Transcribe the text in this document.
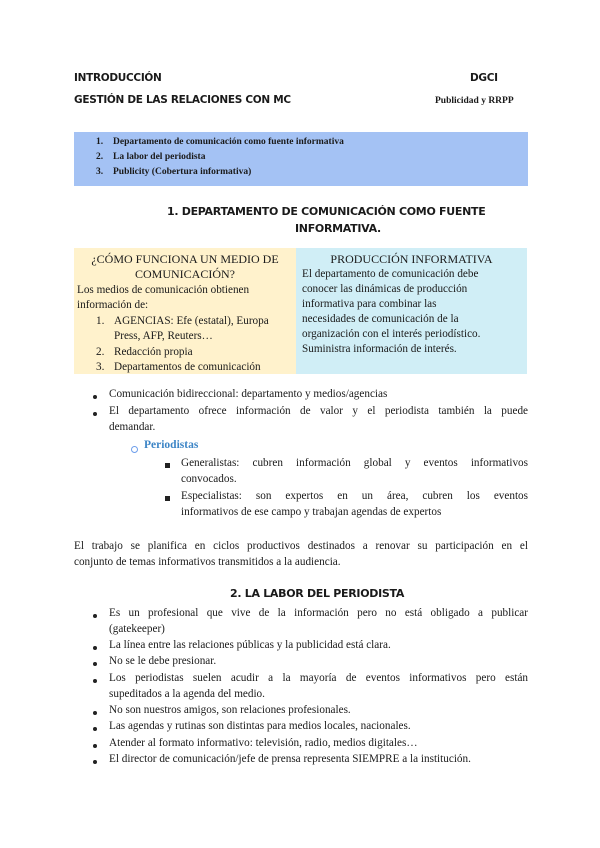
INTRODUCCIÓN
GESTIÓN DE LAS RELACIONES CON MC
DGCI
Publicidad y RRPP
1. Departamento de comunicación como fuente informativa
2. La labor del periodista
3. Publicity (Cobertura informativa)
1. DEPARTAMENTO DE COMUNICACIÓN COMO FUENTE
INFORMATIVA.
¿CÓMO FUNCIONA UN MEDIO DE
COMUNICACIÓN?
Los medios de comunicación obtienen
información de:
1. AGENCIAS: Efe (estatal), Europa
Press, AFP, Reuters…
2. Redacción propia
3. Departamentos de comunicación
PRODUCCIÓN INFORMATIVA
El departamento de comunicación debe
conocer las dinámicas de producción
informativa para combinar las
necesidades de comunicación de la
organización con el interés periodístico.
Suministra información de interés.
Comunicación bidireccional: departamento y medios/agencias
El departamento ofrece información de valor y el periodista también la puede
demandar.
Periodistas
Generalistas: cubren información global y eventos informativos
convocados.
Especialistas: son expertos en un área, cubren los eventos
informativos de ese campo y trabajan agendas de expertos
El trabajo se planifica en ciclos productivos destinados a renovar su participación en el
conjunto de temas informativos transmitidos a la audiencia.
2. LA LABOR DEL PERIODISTA
Es un profesional que vive de la información pero no está obligado a publicar
(gatekeeper)
La línea entre las relaciones públicas y la publicidad está clara.
No se le debe presionar.
Los periodistas suelen acudir a la mayoría de eventos informativos pero están
supeditados a la agenda del medio.
No son nuestros amigos, son relaciones profesionales.
Las agendas y rutinas son distintas para medios locales, nacionales.
Atender al formato informativo: televisión, radio, medios digitales…
El director de comunicación/jefe de prensa representa SIEMPRE a la institución.
